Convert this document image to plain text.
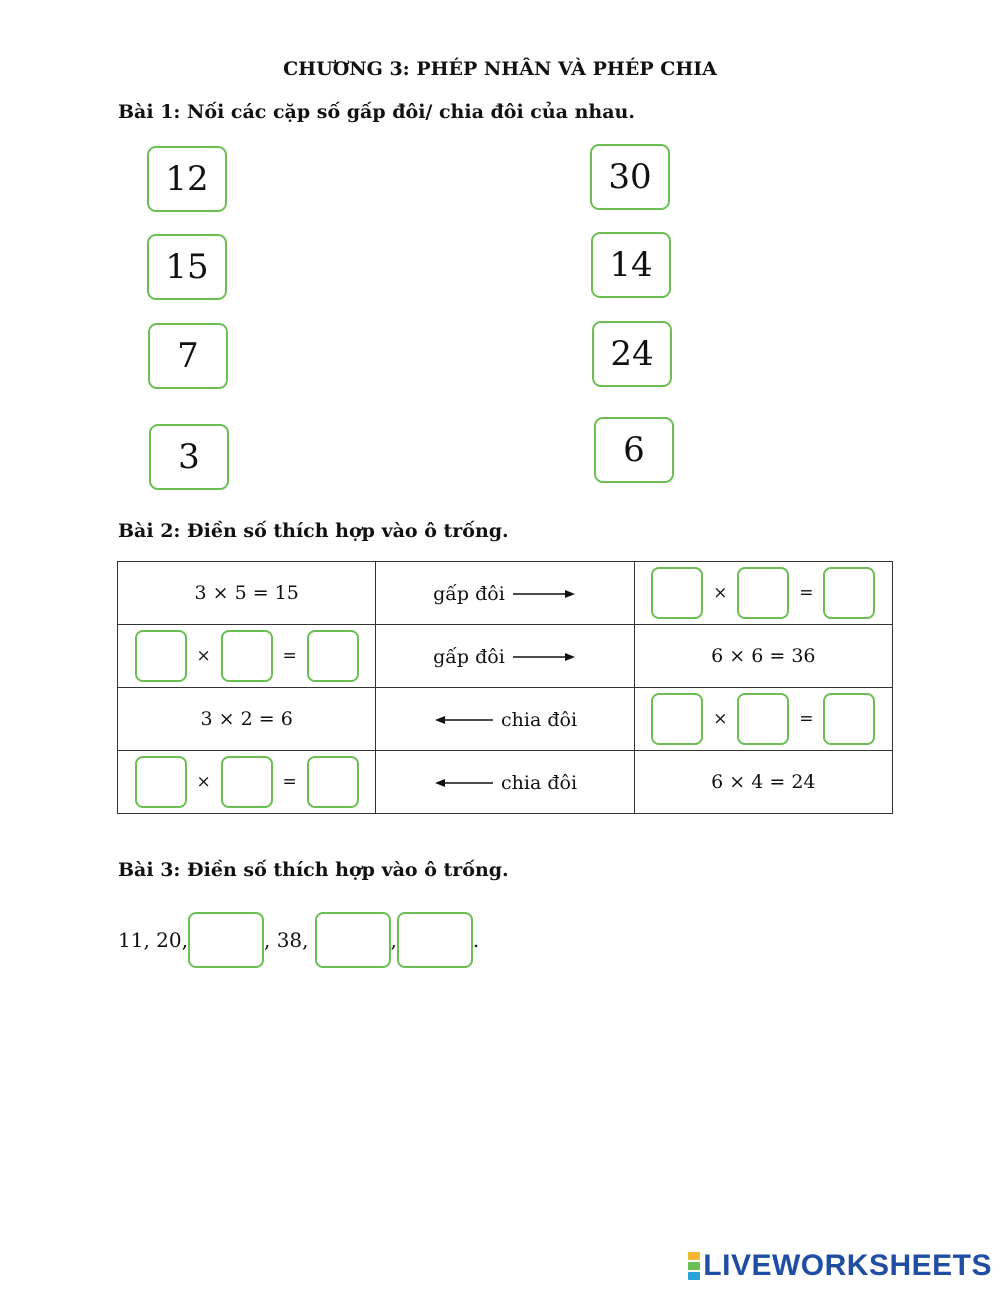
CHƯƠNG 3: PHÉP NHÂN VÀ PHÉP CHIA
Bài 1: Nối các cặp số gấp đôi/ chia đôi của nhau.
12
15
7
3
30
14
24
6
Bài 2: Điền số thích hợp vào ô trống.
3 × 5 = 15	gấp đôi	× =
× =	gấp đôi	6 × 6 = 36
3 × 2 = 6	chia đôi	× =
× =	chia đôi	6 × 4 = 24
Bài 3: Điền số thích hợp vào ô trống.
11, 20,	, 38,	,	.
LIVEWORKSHEETS
